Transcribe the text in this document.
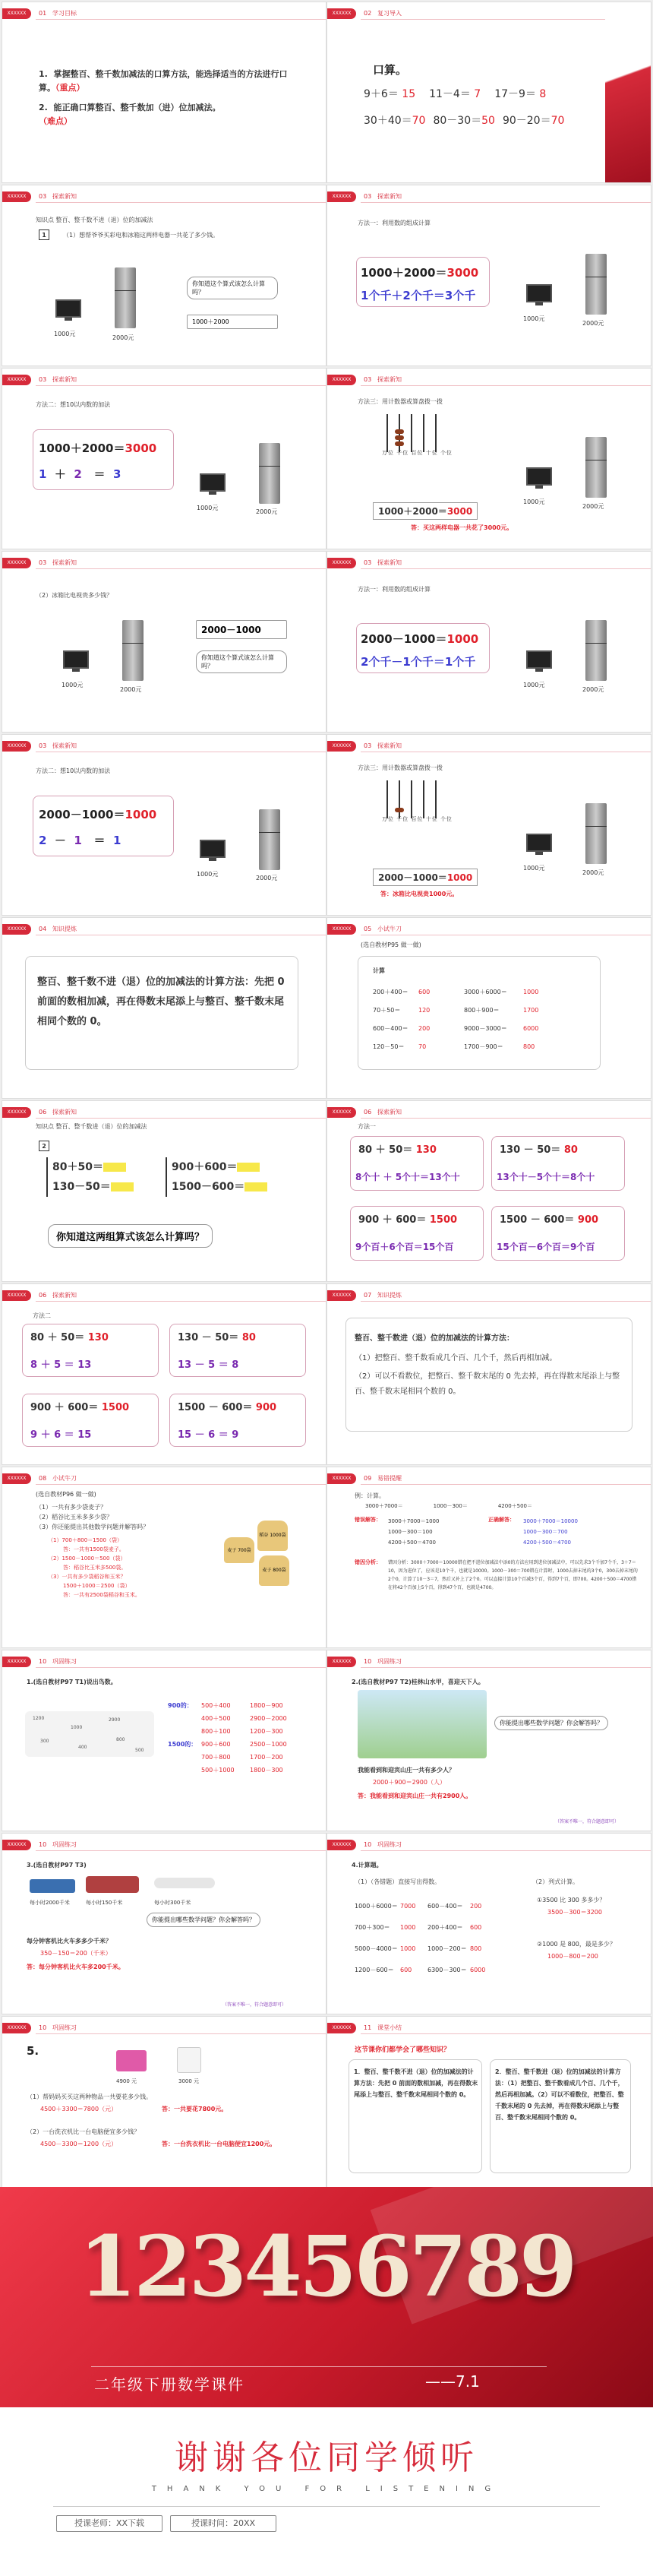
XXXXXX	01 学习目标
1.  掌握整百、整千数加减法的口算方法，能选择适当的方法进行口算。（重点）
2.  能正确口算整百、整千数加（进）位加减法。
（难点）
XXXXXX	02 复习导入
口算。
9＋6＝ 15 11－4＝ 7 17－9＝ 8
30＋40＝70 80－30＝50 90－20＝70
XXXXXX	03 探索新知
知识点 整百、整千数不进（退）位的加减法
1	（1）想帮爷爷买彩电和冰箱这两样电器一共花了多少钱。
1000元
2000元
你知道这个算式该怎么计算吗？
1000＋2000
XXXXXX	03 探索新知
方法一：利用数的组成计算
1000＋2000＝3000
1个千＋2个千＝3个千
1000元
2000元
XXXXXX	03 探索新知
方法二：想10以内数的加法
1000＋2000＝3000
1 ＋ 2 ＝ 3
1000元
2000元
XXXXXX	03 探索新知
方法三：用计数器或算盘拨一拨
万位 千位 百位 十位 个位
1000＋2000＝3000
答：买这两样电器一共花了3000元。
1000元
2000元
XXXXXX	03 探索新知
（2）冰箱比电视贵多少钱？
1000元
2000元
2000－1000
你知道这个算式该怎么计算吗？
XXXXXX	03 探索新知
方法一：利用数的组成计算
2000－1000＝1000
2个千－1个千＝1个千
1000元
2000元
XXXXXX	03 探索新知
方法二：想10以内数的加法
2000－1000＝1000
2 － 1 ＝ 1
1000元
2000元
XXXXXX	03 探索新知
方法三：用计数器或算盘拨一拨
万位 千位 百位 十位 个位
2000－1000＝1000
答：冰箱比电视贵1000元。
1000元
2000元
XXXXXX	04 知识提炼
整百、整千数不进（退）位的加减法的计算方法：先把 0 前面的数相加减，再在得数末尾添上与整百、整千数末尾相同个数的 0。
XXXXXX	05 小试牛刀
(选自教材P95 做一做)
计算
200＋400＝ 600	3000＋6000＝	1000
70＋50＝	120	800＋900＝	1700
600－400＝ 200	9000－3000＝	6000
120－50＝ 70	1700－900＝	800
XXXXXX	06 探索新知
知识点 整百、整千数进（退）位的加减法
2
80＋50＝
130－50＝
900＋600＝
1500－600＝
你知道这两组算式该怎么计算吗？
XXXXXX	06 探索新知
方法一
80 ＋ 50＝ 130
8个十 ＋ 5个十＝13个十
130 － 50＝ 80
13个十－5个十＝8个十
900 ＋ 600＝ 1500
9个百＋6个百＝15个百
1500 － 600＝ 900
15个百－6个百＝9个百
XXXXXX	06 探索新知
方法二
80 ＋ 50＝ 130
8 ＋ 5 ＝ 13
130 － 50＝ 80
13 － 5 ＝ 8
900 ＋ 600＝ 1500
9 ＋ 6 ＝ 15
1500 － 600＝ 900
15 － 6 ＝ 9
XXXXXX	07 知识提炼
整百、整千数进（退）位的加减法的计算方法：
（1）把整百、整千数看成几个百、几个千，然后再相加减。
（2）可以不看数位，把整百、整千数末尾的 0 先去掉，再在得数末尾添上与整百、整千数末尾相同个数的 0。
XXXXXX	08 小试牛刀
(选自教材P96 做一做)
（1）一共有多少袋麦子？
（2）稻谷比玉米多多少袋？
（3）你还能提出其他数学问题并解答吗？
（1）700＋800＝1500（袋）
答：一共有1500袋麦子。
（2）1500－1000＝500（袋）
答：稻谷比玉米多500袋。
（3）一共有多少袋稻谷和玉米？
1500＋1000＝2500（袋）
答：一共有2500袋稻谷和玉米。
麦子 700袋
稻谷 1000袋
麦子 800袋
XXXXXX	09 易错提醒
例：计算。
3000＋7000＝	1000－300＝	4200＋500＝
错误解答： 3000＋7000＝1000
1000－300＝100
4200＋500＝4700
正确解答： 3000＋7000＝10000
1000－300＝700
4200＋500＝4700
错因分析： 错因分析：3000＋7000＝10000错在把不进位加减法中添0的方法应用到进位加减法中，可以先求3个千加7个千，3＋7＝10，因为进位了，应该是10个千，也就是10000。1000－300＝700错在计算时，1000去掉末尾的3个0，300去掉末尾的2个0，计算了10－3＝7，然后又补上了2个0。可以直接计算10个百减3个百，得到7个百，即700。4200＋500＝4700错在将42个百加上5个百，得到47个百，也就是4700。
XXXXXX	10 巩固练习
1.(选自教材P97 T1)说出鸟数。
1200
1000
2900
300
400
800
500
900的： 500＋400	1800－900
400＋500	2900－2000
800＋100	1200－300
1500的： 900＋600	2500－1000
700＋800	1700－200
500＋1000	1800－300
XXXXXX	10 巩固练习
2.(选自教材P97 T2)桂林山水甲，喜迎天下人。
你能提出哪些数学问题？你会解答吗？
我能看到和迎宾山庄一共有多少人？
2000＋900＝2900（人）
答：我能看到和迎宾山庄一共有2900人。
（答案不唯一，符合题意即可）
XXXXXX	10 巩固练习
3.(选自教材P97 T3)
每小时2000千米	每小时150千米	每小时300千米
你能提出哪些数学问题？你会解答吗？
每分钟客机比火车多多少千米？
350－150＝200（千米）
答：每分钟客机比火车多200千米。
（答案不唯一，符合题意即可）
XXXXXX	10 巩固练习
4.计算题。
（1）（各错题）直接写出得数。	（2）列式计算。
1000＋6000＝ 7000 600－400＝ 200
700＋300＝ 1000 200＋400＝ 600
5000－4000＝ 1000 1000－200＝ 800
1200－600＝ 600	6300－300＝ 6000
①3500 比 300 多多少？
3500－300＝3200
②1000 是 800，最是多少？
1000－800＝200
XXXXXX	10 巩固练习
5.
4900 元	3000 元
（1）帮妈妈买买这两种物品一共要花多少钱。
4500＋3300＝7800（元）	答：一共要花7800元。
（2）一台洗衣机比一台电脑便宜多少钱？
4500－3300＝1200（元）	答：一台洗衣机比一台电脑便宜1200元。
XXXXXX	11 课堂小结
这节课你们都学会了哪些知识？
1．整百、整千数不进（退）位的加减法的计算方法：先把 0 前面的数相加减，再在得数末尾添上与整百、整千数末尾相同个数的 0。
2．整百、整千数进（退）位的加减法的计算方法：（1）把整百、整千数看成几个百、几个千，然后再相加减。（2）可以不看数位，把整百、整千数末尾的 0 先去掉，再在得数末尾添上与整百、整千数末尾相同个数的 0。
123456789
二年级下册数学课件	——7.1
谢谢各位同学倾听
THANK YOU FOR LISTENING
授课老师：XX下载	授课时间：20XX
